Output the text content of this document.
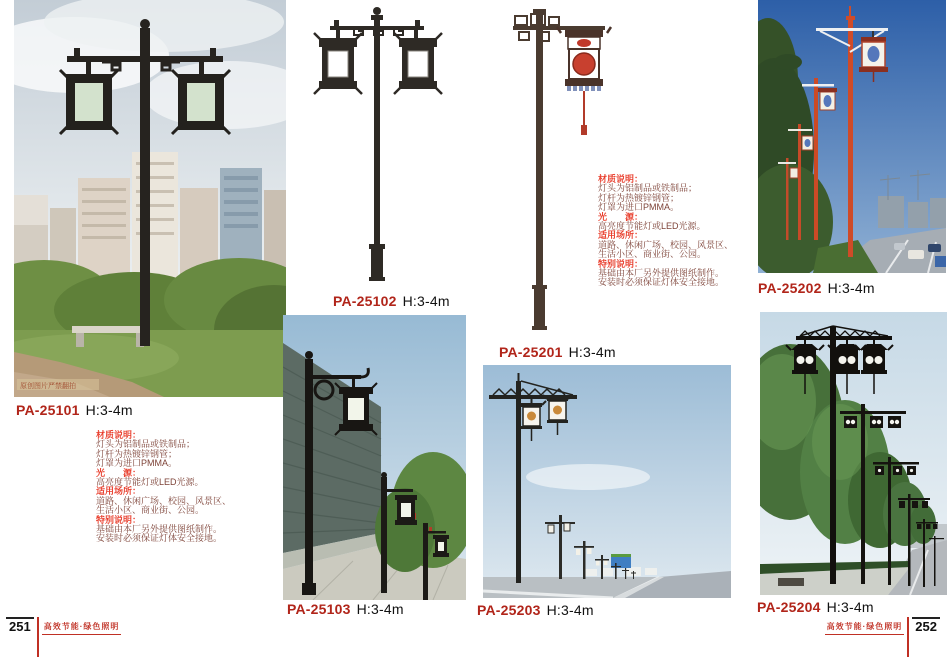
原创图片严禁翻拍
PA-25101 H:3-4m
PA-25102 H:3-4m
PA-25103 H:3-4m
PA-25201 H:3-4m
PA-25202 H:3-4m
PA-25203 H:3-4m	PA-25204 H:3-4m
材质说明：
灯头为铝制品或铁制品；
灯杆为热镀锌钢管；
灯罩为进口PMMA。
光　　源：
高亮度节能灯或LED光源。
适用场所：
道路、休闲广场、校园、风景区、
生活小区、商业街、公园。
特别说明：
基础由本厂另外提供图纸制作。
安装时必须保证灯体安全接地。
材质说明：
灯头为铝制品或铁制品；
灯杆为热镀锌钢管；
灯罩为进口PMMA。
光　　源：
高亮度节能灯或LED光源。
适用场所：
道路、休闲广场、校园、风景区、
生活小区、商业街、公园。
特别说明：
基础由本厂另外提供图纸制作。
安装时必须保证灯体安全接地。
251	高效节能·绿色照明	高效节能·绿色照明 252
